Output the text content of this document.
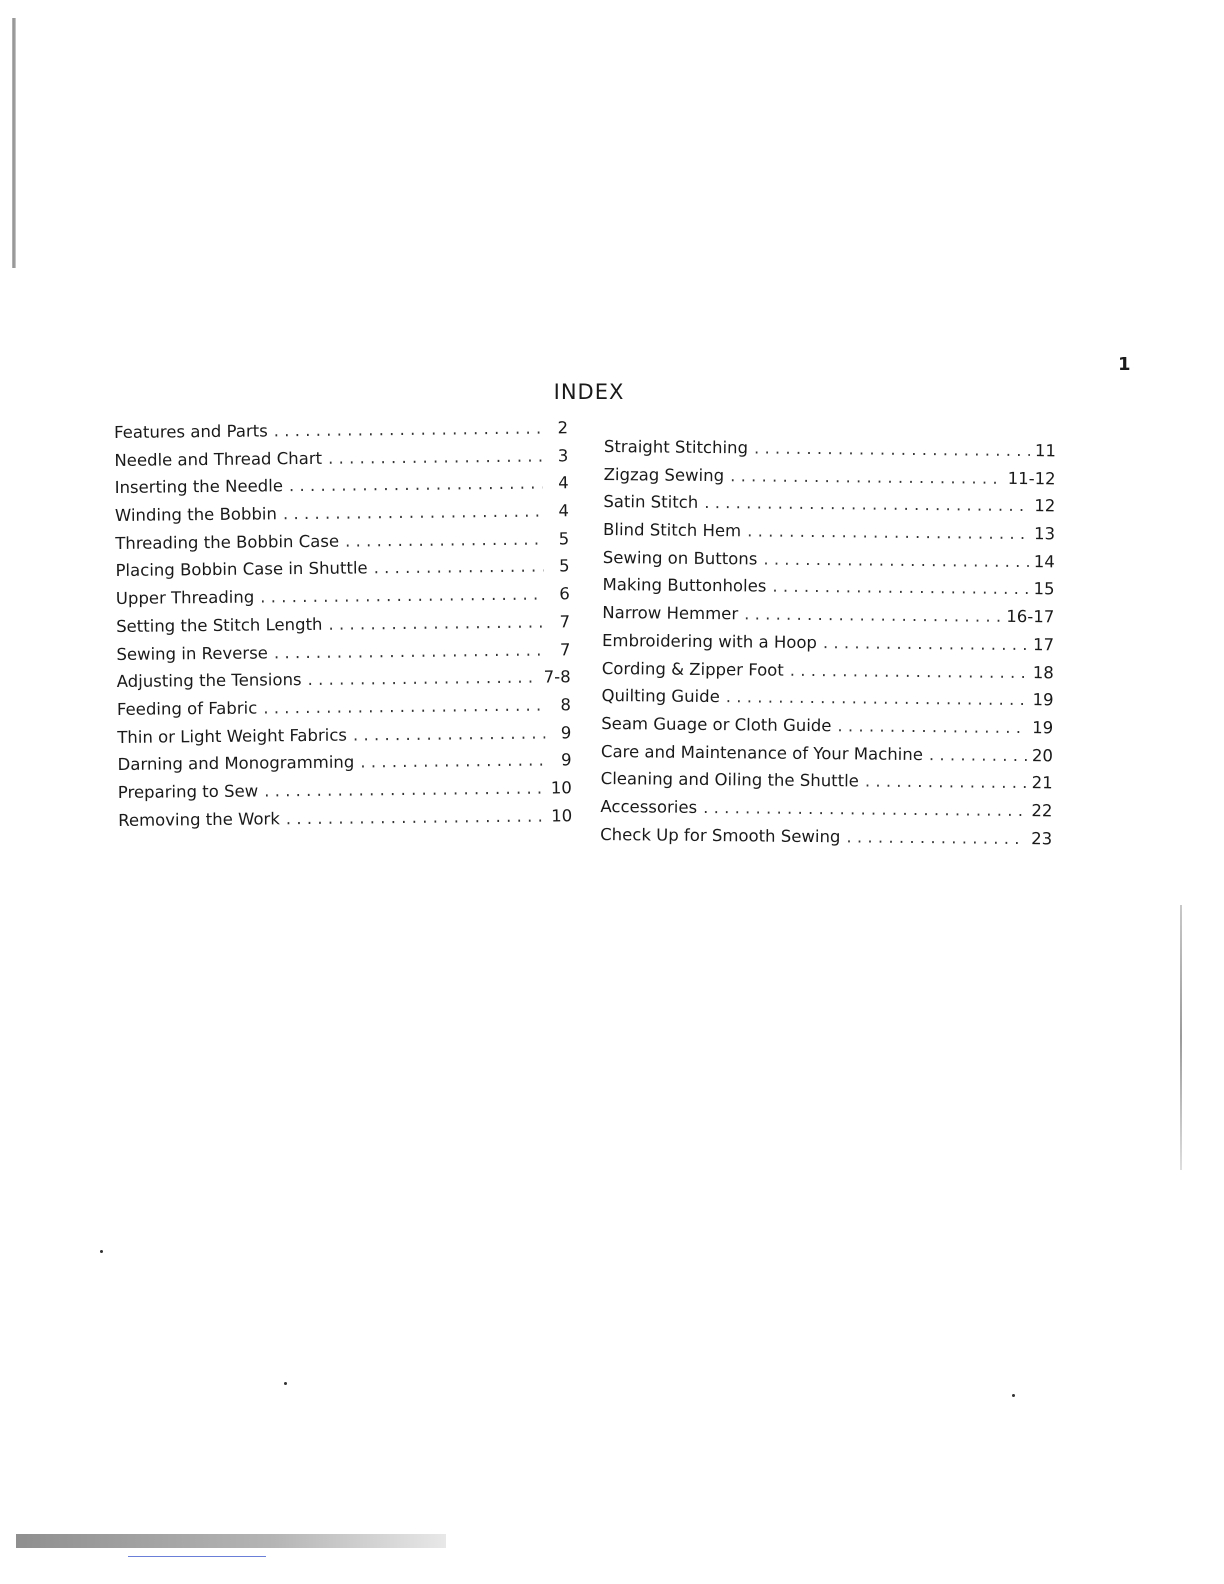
1
INDEX
Features and Parts . . .	2
Needle and Thread Chart . . .	3
Inserting the Needle . . .	4
Winding the Bobbin . . .	4
Threading the Bobbin Case . . .	5
Placing Bobbin Case in Shuttle . . .	5
Upper Threading . . .	6
Setting the Stitch Length . . .	7
Sewing in Reverse . . .	7
Adjusting the Tensions . . .	7-8
Feeding of Fabric . . .	8
Thin or Light Weight Fabrics . . .	9
Darning and Monogramming . . .	9
Preparing to Sew . . .	10
Removing the Work . . .	10
Straight Stitching . . .	11
Zigzag Sewing . . .	11-12
Satin Stitch . . .	12
Blind Stitch Hem . . .	13
Sewing on Buttons . . .	14
Making Buttonholes . . .	15
Narrow Hemmer . . .	16-17
Embroidering with a Hoop . . .	17
Cording & Zipper Foot . . .	18
Quilting Guide . . .	19
Seam Guage or Cloth Guide . . .	19
Care and Maintenance of Your Machine . . .	20
Cleaning and Oiling the Shuttle . . .	21
Accessories . . .	22
Check Up for Smooth Sewing . . .	23
